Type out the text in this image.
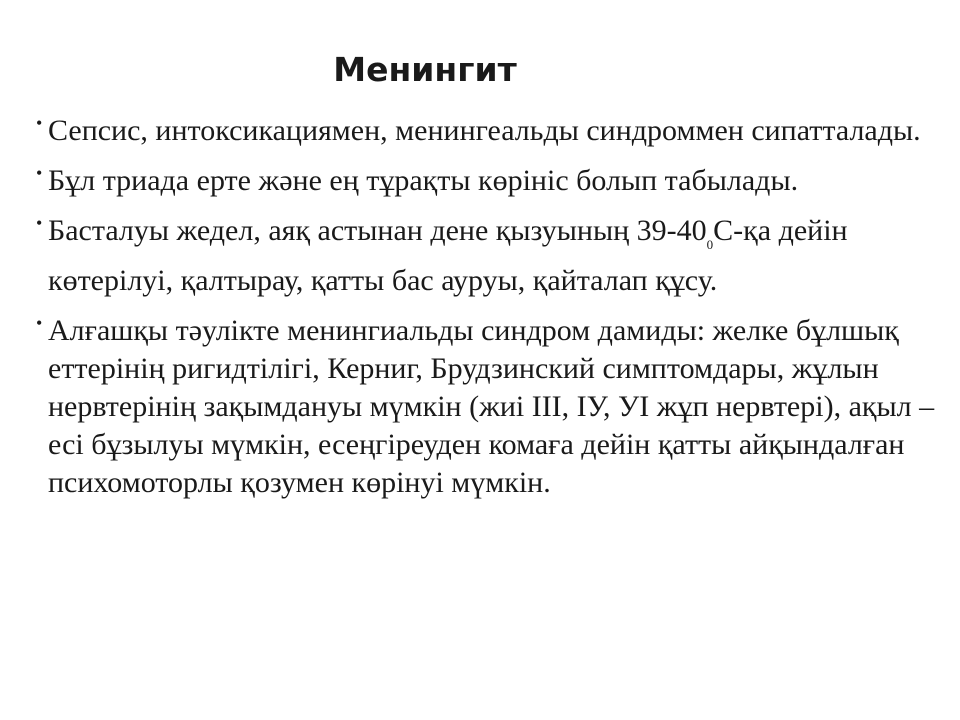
Менингит
• Сепсис, интоксикациямен, менингеальды синдроммен сипатталады.
• Бұл триада ерте және ең тұрақты көрініс болып табылады.
• Басталуы жедел, аяқ астынан дене қызуының $39-40_0С-қа$ дейін көтерілуі, қалтырау, қатты бас ауруы, қайталап құсу.
• Алғашқы тәулікте менингиальды синдром дамиды: желке бұлшық еттерінің ригидтілігі, Керниг, Брудзинский симптомдары, жұлын нервтерінің зақымдануы мүмкін (жиі ІІІ, ІУ, УІ жұп нервтері), ақыл – есі бұзылуы мүмкін, есеңгіреуден комаға дейін қатты айқындалған психомоторлы қозумен көрінуі мүмкін.
